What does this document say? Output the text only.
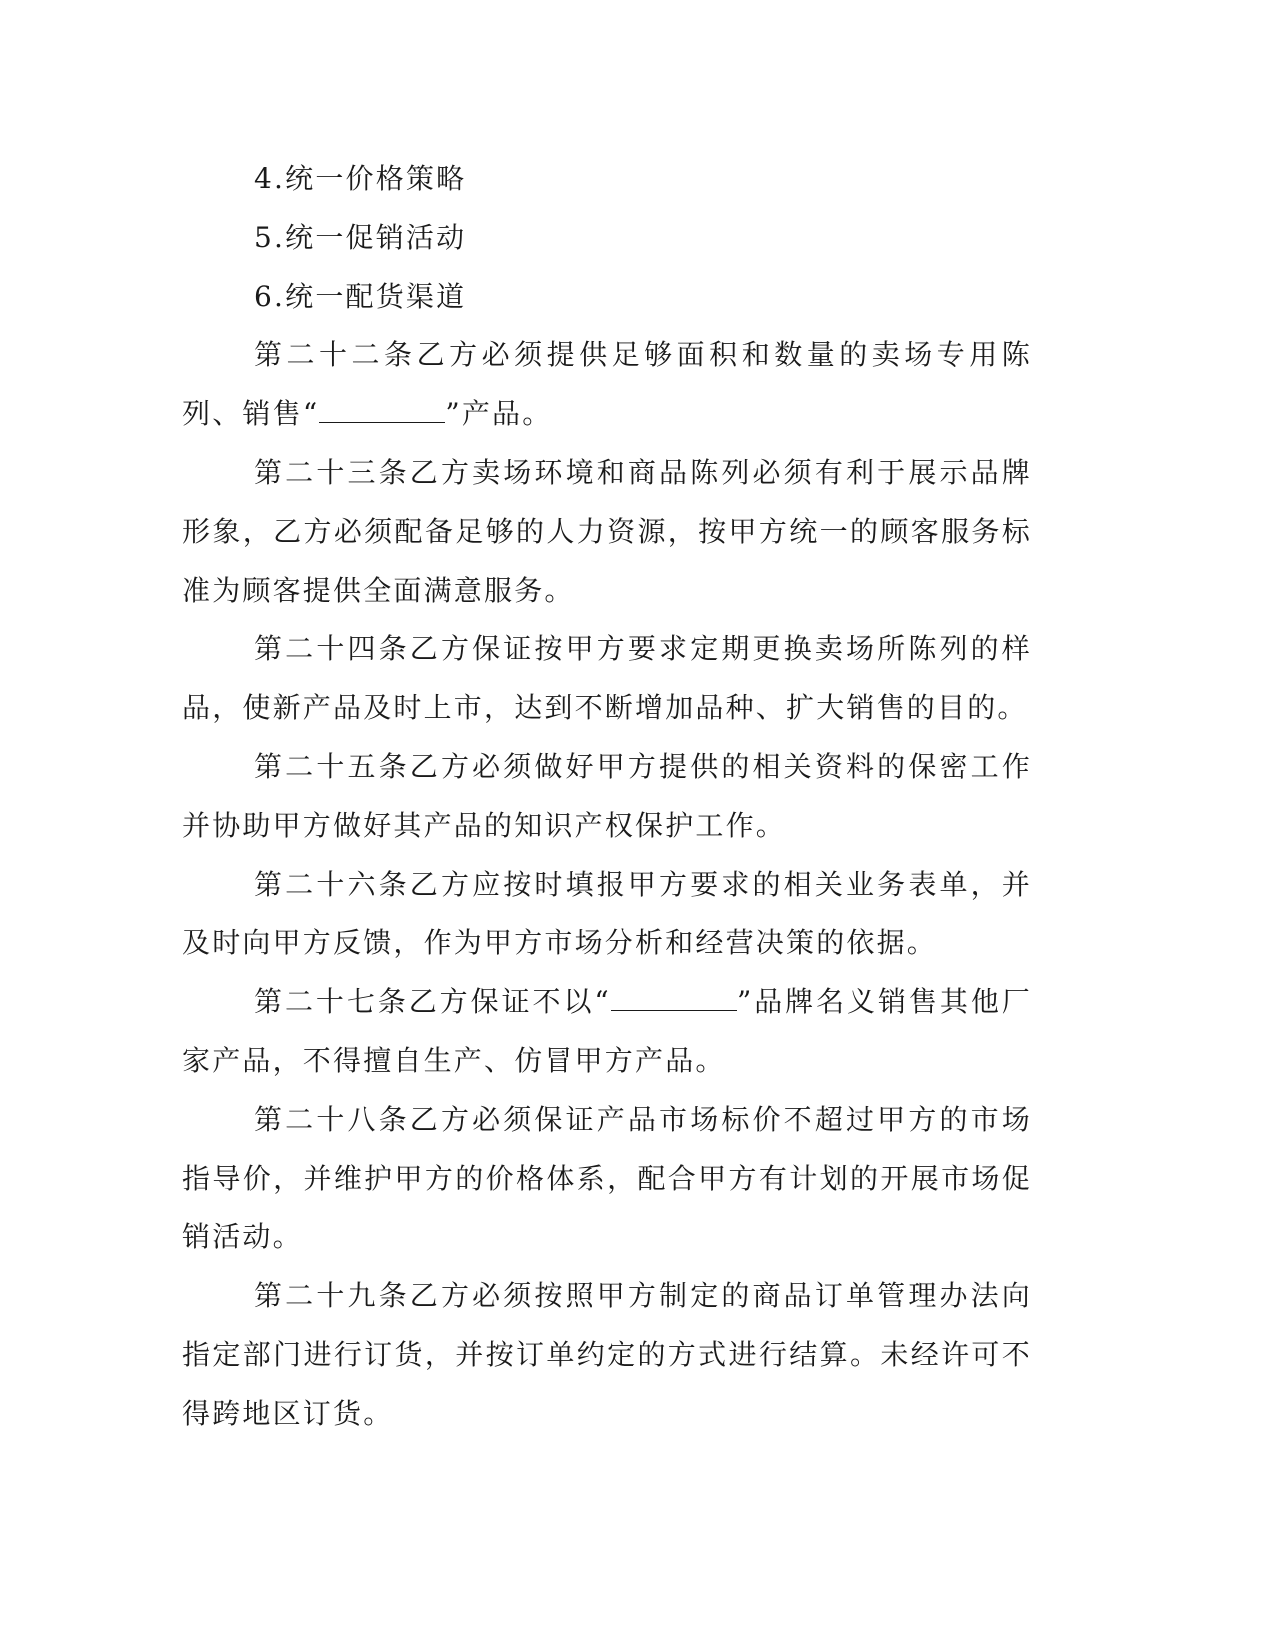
4.统一价格策略

5.统一促销活动

6.统一配货渠道

第二十二条乙方必须提供足够面积和数量的卖场专用陈列、销售“	”产品。

第二十三条乙方卖场环境和商品陈列必须有利于展示品牌形象，乙方必须配备足够的人力资源，按甲方统一的顾客服务标准为顾客提供全面满意服务。

第二十四条乙方保证按甲方要求定期更换卖场所陈列的样品，使新产品及时上市，达到不断增加品种、扩大销售的目的。

第二十五条乙方必须做好甲方提供的相关资料的保密工作并协助甲方做好其产品的知识产权保护工作。

第二十六条乙方应按时填报甲方要求的相关业务表单，并及时向甲方反馈，作为甲方市场分析和经营决策的依据。

第二十七条乙方保证不以“	”品牌名义销售其他厂家产品，不得擅自生产、仿冒甲方产品。

第二十八条乙方必须保证产品市场标价不超过甲方的市场指导价，并维护甲方的价格体系，配合甲方有计划的开展市场促销活动。

第二十九条乙方必须按照甲方制定的商品订单管理办法向指定部门进行订货，并按订单约定的方式进行结算。未经许可不得跨地区订货。
